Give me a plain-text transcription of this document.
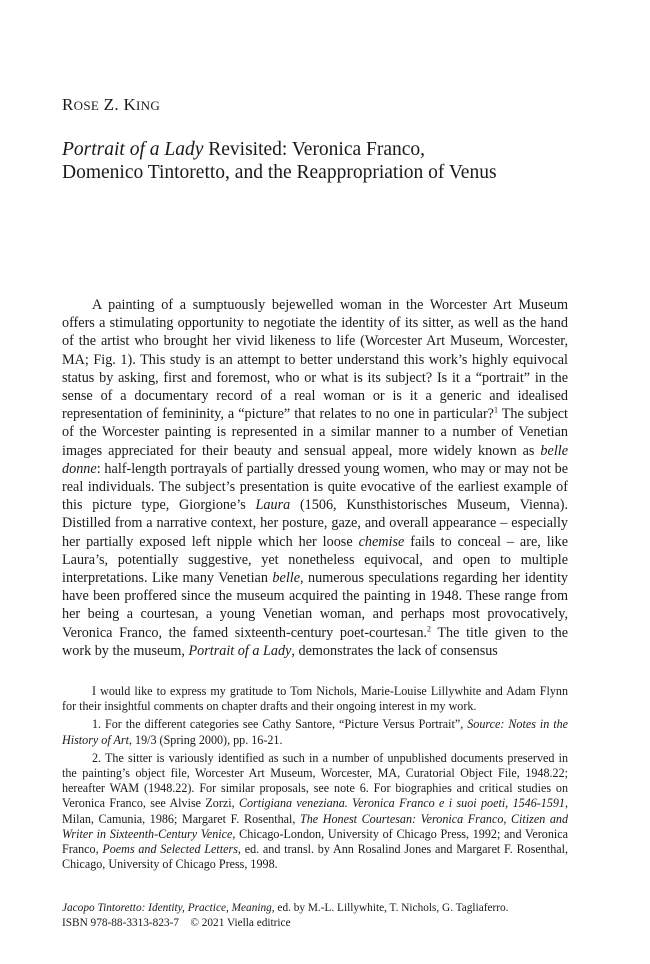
ROSE Z. KING
Portrait of a Lady Revisited: Veronica Franco,
Domenico Tintoretto, and the Reappropriation of Venus

A painting of a sumptuously bejewelled woman in the Worcester Art Museum offers a stimulating opportunity to negotiate the identity of its sitter, as well as the hand of the artist who brought her vivid likeness to life (Worcester Art Museum, Worcester, MA; Fig. 1). This study is an attempt to better understand this work’s highly equivocal status by asking, first and foremost, who or what is its subject? Is it a “portrait” in the sense of a documentary record of a real woman or is it a generic and idealised representation of femininity, a “picture” that relates to no one in particular?$^1$ The subject of the Worcester painting is represented in a similar manner to a number of Venetian images appreciated for their beauty and sensual appeal, more widely known as belle donne: half-length portrayals of partially dressed young women, who may or may not be real individuals. The subject’s presentation is quite evocative of the earliest example of this picture type, Giorgione’s Laura (1506, Kunsthistorisches Museum, Vienna). Distilled from a narrative context, her posture, gaze, and overall appearance – especially her partially exposed left nipple which her loose chemise fails to conceal – are, like Laura’s, potentially suggestive, yet nonetheless equivocal, and open to multiple interpretations. Like many Venetian belle, numerous speculations regarding her identity have been proffered since the museum acquired the painting in 1948. These range from her being a courtesan, a young Venetian woman, and perhaps most provocatively, Veronica Franco, the famed sixteenth-century poet-courtesan.$^2$ The title given to the work by the museum, Portrait of a Lady, demonstrates the lack of consensus

I would like to express my gratitude to Tom Nichols, Marie-Louise Lillywhite and Adam Flynn for their insightful comments on chapter drafts and their ongoing interest in my work.

1. For the different categories see Cathy Santore, “Picture Versus Portrait”, Source: Notes in the History of Art, 19/3 (Spring 2000), pp. 16-21.

2. The sitter is variously identified as such in a number of unpublished documents preserved in the painting’s object file, Worcester Art Museum, Worcester, MA, Curatorial Object File, 1948.22; hereafter WAM (1948.22). For similar proposals, see note 6. For biographies and critical studies on Veronica Franco, see Alvise Zorzi, Cortigiana veneziana. Veronica Franco e i suoi poeti, 1546-1591, Milan, Camunia, 1986; Margaret F. Rosenthal, The Honest Courtesan: Veronica Franco, Citizen and Writer in Sixteenth-Century Venice, Chicago-London, University of Chicago Press, 1992; and Veronica Franco, Poems and Selected Letters, ed. and transl. by Ann Rosalind Jones and Margaret F. Rosenthal, Chicago, University of Chicago Press, 1998.

Jacopo Tintoretto: Identity, Practice, Meaning, ed. by M.-L. Lillywhite, T. Nichols, G. Tagliaferro.

ISBN 978-88-3313-823-7 © 2021 Viella editrice
